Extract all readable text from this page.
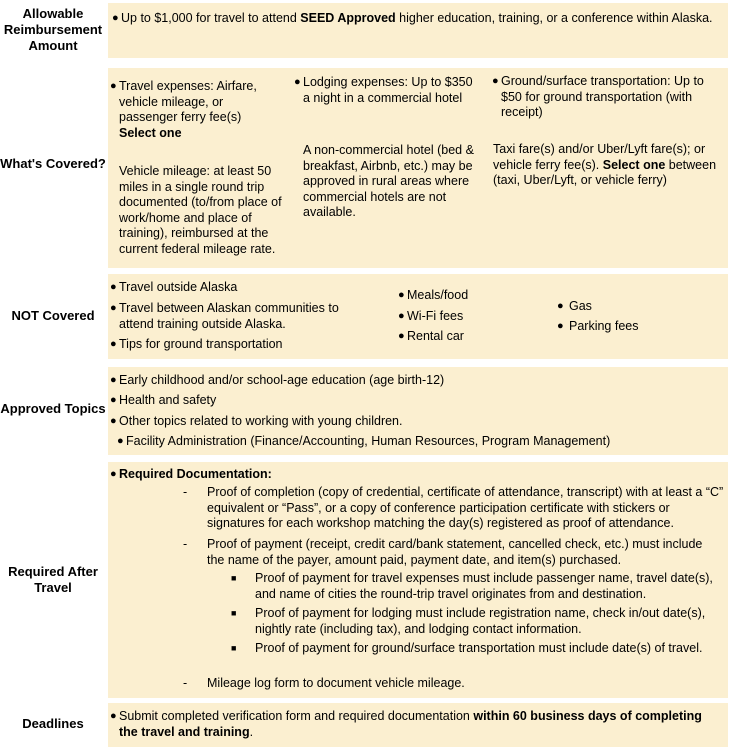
Allowable Reimbursement Amount
● Up to $1,000 for travel to attend SEED Approved higher education, training, or a conference within Alaska.
What's Covered?
● Travel expenses: Airfare, vehicle mileage, or passenger ferry fee(s)
Select one
Vehicle mileage: at least 50 miles in a single round trip documented (to/from place of work/home and place of training), reimbursed at the current federal mileage rate.
● Lodging expenses: Up to $350 a night in a commercial hotel
A non-commercial hotel (bed & breakfast, Airbnb, etc.) may be approved in rural areas where commercial hotels are not available.
● Ground/surface transportation: Up to $50 for ground transportation (with receipt)
Taxi fare(s) and/or Uber/Lyft fare(s); or vehicle ferry fee(s). Select one between (taxi, Uber/Lyft, or vehicle ferry)
NOT Covered
● Travel outside Alaska
● Travel between Alaskan communities to attend training outside Alaska.
● Tips for ground transportation
● Meals/food
● Wi-Fi fees
● Rental car
● Gas
● Parking fees
Approved Topics
● Early childhood and/or school-age education (age birth-12)
● Health and safety
● Other topics related to working with young children.
● Facility Administration (Finance/Accounting, Human Resources, Program Management)
Required After Travel
● Required Documentation:
- Proof of completion (copy of credential, certificate of attendance, transcript) with at least a “C” equivalent or “Pass”, or a copy of conference participation certificate with stickers or signatures for each workshop matching the day(s) registered as proof of attendance.
- Proof of payment (receipt, credit card/bank statement, cancelled check, etc.) must include the name of the payer, amount paid, payment date, and item(s) purchased.
■ Proof of payment for travel expenses must include passenger name, travel date(s), and name of cities the round-trip travel originates from and destination.
■ Proof of payment for lodging must include registration name, check in/out date(s), nightly rate (including tax), and lodging contact information.
■ Proof of payment for ground/surface transportation must include date(s) of travel.
- Mileage log form to document vehicle mileage.
Deadlines	● Submit completed verification form and required documentation within 60 business days of completing the travel and training.
